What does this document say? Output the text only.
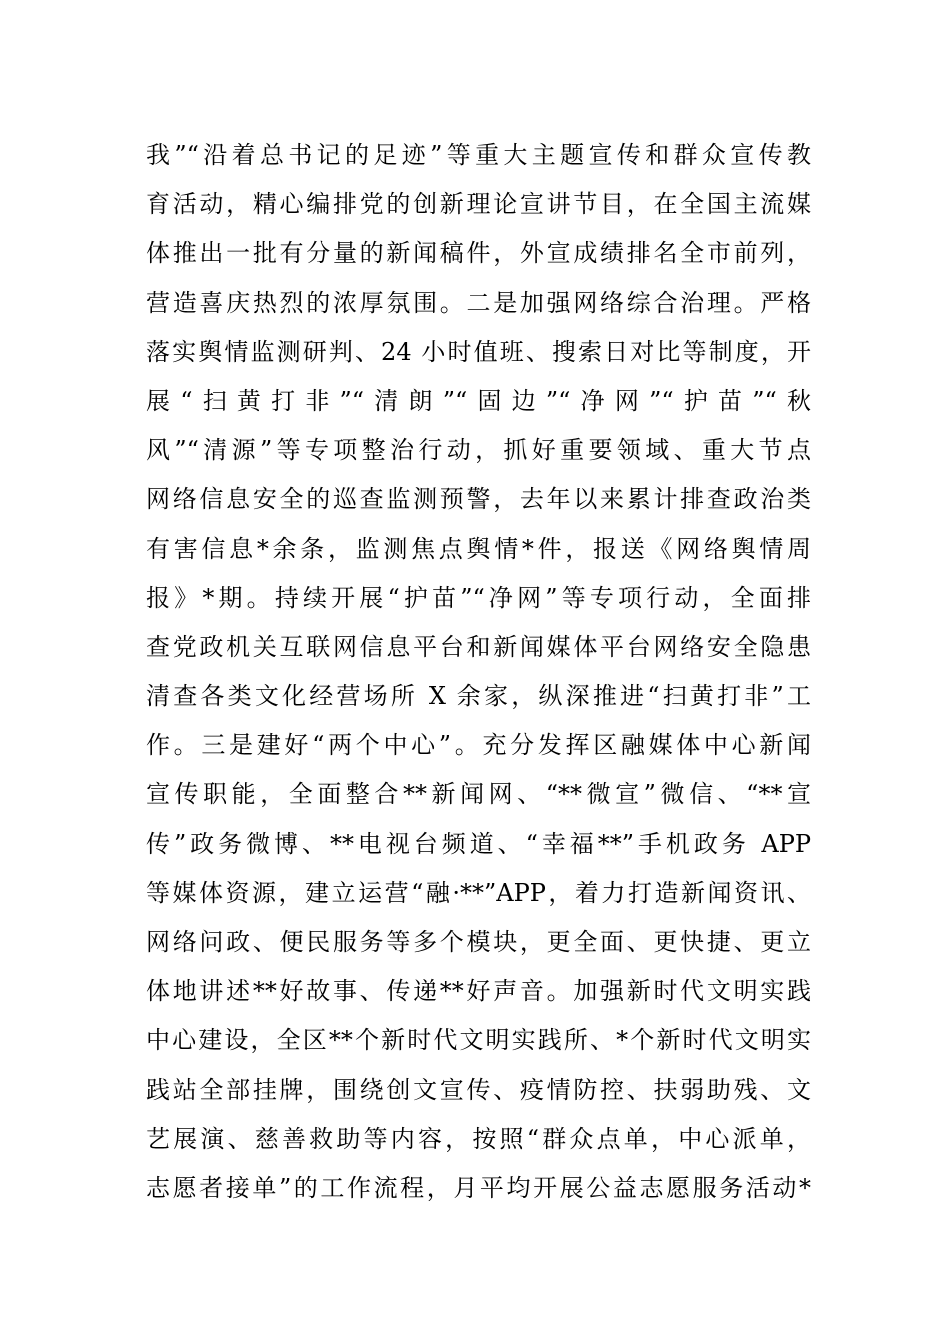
我”“沿着总书记的足迹”等重大主题宣传和群众宣传教
育活动，精心编排党的创新理论宣讲节目，在全国主流媒
体推出一批有分量的新闻稿件，外宣成绩排名全市前列，
营造喜庆热烈的浓厚氛围。二是加强网络综合治理。严格
落实舆情监测研判、24 小时值班、搜索日对比等制度，开
展“扫黄打非”“清朗”“固边”“净网”“护苗”“秋
风”“清源”等专项整治行动，抓好重要领域、重大节点
网络信息安全的巡查监测预警，去年以来累计排查政治类
有害信息*余条，监测焦点舆情*件，报送《网络舆情周
报》*期。持续开展“护苗”“净网”等专项行动，全面排
查党政机关互联网信息平台和新闻媒体平台网络安全隐患
清查各类文化经营场所 X 余家，纵深推进“扫黄打非”工
作。三是建好“两个中心”。充分发挥区融媒体中心新闻
宣传职能，全面整合**新闻网、“**微宣”微信、“**宣
传”政务微博、**电视台频道、“幸福**”手机政务 APP
等媒体资源，建立运营“融·**”APP，着力打造新闻资讯、
网络问政、便民服务等多个模块，更全面、更快捷、更立
体地讲述**好故事、传递**好声音。加强新时代文明实践
中心建设，全区**个新时代文明实践所、*个新时代文明实
践站全部挂牌，围绕创文宣传、疫情防控、扶弱助残、文
艺展演、慈善救助等内容，按照“群众点单，中心派单，
志愿者接单”的工作流程，月平均开展公益志愿服务活动*
